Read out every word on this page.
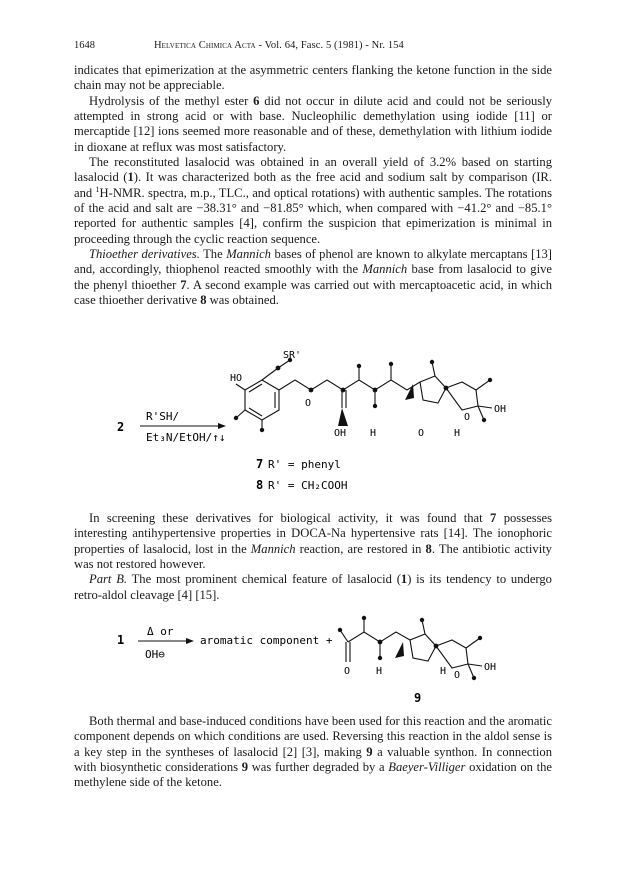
1648	Helvetica Chimica Acta - Vol. 64, Fasc. 5 (1981) - Nr. 154

indicates that epimerization at the asymmetric centers flanking the ketone function in the side chain may not be appreciable.

Hydrolysis of the methyl ester 6 did not occur in dilute acid and could not be seriously attempted in strong acid or with base. Nucleophilic demethylation using iodide [11] or mercaptide [12] ions seemed more reasonable and of these, demethylation with lithium iodide in dioxane at reflux was most satisfactory.

The reconstituted lasalocid was obtained in an overall yield of 3.2% based on starting lasalocid (1). It was characterized both as the free acid and sodium salt by comparison (IR. and $^1$H-NMR. spectra, m.p., TLC., and optical rotations) with authentic samples. The rotations of the acid and salt are −38.31° and −81.85° which, when compared with −41.2° and −85.1° reported for authentic samples [4], confirm the suspicion that epimerization is minimal in proceeding through the cyclic reaction sequence.

Thioether derivatives. The Mannich bases of phenol are known to alkylate mercaptans [13] and, accordingly, thiophenol reacted smoothly with the Mannich base from lasalocid to give the phenyl thioether 7. A second example was carried out with mercaptoacetic acid, in which case thioether derivative 8 was obtained.

2
R'SH/
Et₃N/EtOH/↑↓
SR'
HO
O
OH H	O	H
O
OH
7 R' = phenyl
8 R' = CH₂COOH

In screening these derivatives for biological activity, it was found that 7 possesses interesting antihypertensive properties in DOCA-Na hypertensive rats [14]. The ionophoric properties of lasalocid, lost in the Mannich reaction, are restored in 8. The antibiotic activity was not restored however.

Part B. The most prominent chemical feature of lasalocid (1) is its tendency to undergo retro-aldol cleavage [4] [15].

1
Δ or
OH⊖
aromatic component +
O	H	H O
OH
9

Both thermal and base-induced conditions have been used for this reaction and the aromatic component depends on which conditions are used. Reversing this reaction in the aldol sense is a key step in the syntheses of lasalocid [2] [3], making 9 a valuable synthon. In connection with biosynthetic considerations 9 was further degraded by a Baeyer-Villiger oxidation on the methylene side of the ketone.
